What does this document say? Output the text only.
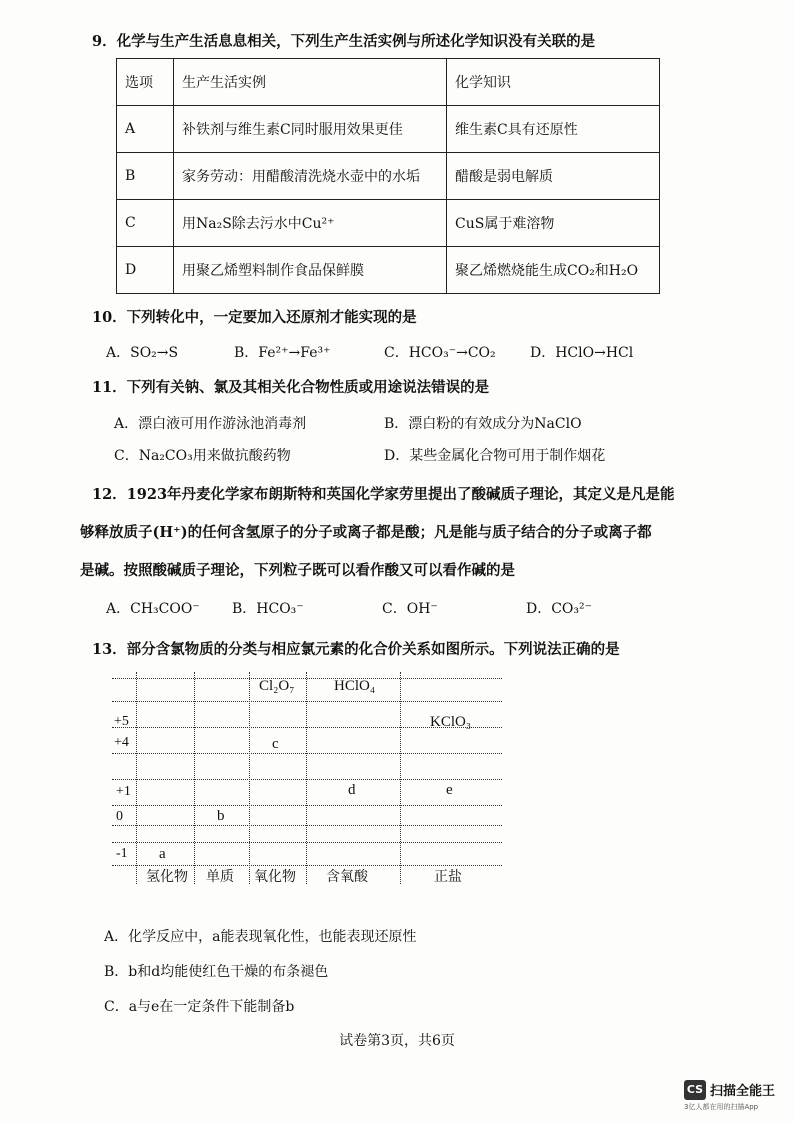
9．化学与生产生活息息相关，下列生产生活实例与所述化学知识没有关联的是
选项	生产生活实例	化学知识
A	补铁剂与维生素C同时服用效果更佳	维生素C具有还原性
B	家务劳动：用醋酸清洗烧水壶中的水垢	醋酸是弱电解质
C	用Na₂S除去污水中Cu²⁺	CuS属于难溶物
D	用聚乙烯塑料制作食品保鲜膜	聚乙烯燃烧能生成CO₂和H₂O
10．下列转化中，一定要加入还原剂才能实现的是
A．SO₂→S	B．Fe²⁺→Fe³⁺	C．HCO₃⁻→CO₂ D．HClO→HCl
11．下列有关钠、氯及其相关化合物性质或用途说法错误的是
A．漂白液可用作游泳池消毒剂	B．漂白粉的有效成分为NaClO
C．Na₂CO₃用来做抗酸药物	D．某些金属化合物可用于制作烟花
12．1923年丹麦化学家布朗斯特和英国化学家劳里提出了酸碱质子理论，其定义是凡是能
够释放质子(H⁺)的任何含氢原子的分子或离子都是酸；凡是能与质子结合的分子或离子都
是碱。按照酸碱质子理论，下列粒子既可以看作酸又可以看作碱的是
A．CH₃COO⁻ B．HCO₃⁻	C．OH⁻	D．CO₃²⁻
13．部分含氯物质的分类与相应氯元素的化合价关系如图所示。下列说法正确的是
+5
+4
+1
0
-1
Cl₂O₇	HClO₄
KClO₃
c
d	e
b
a
氢化物 单质 氧化物 含氧酸	正盐
A．化学反应中，a能表现氧化性，也能表现还原性
B．b和d均能使红色干燥的布条褪色
C．a与e在一定条件下能制备b
试卷第3页，共6页
CS 扫描全能王
3亿人都在用的扫描App
